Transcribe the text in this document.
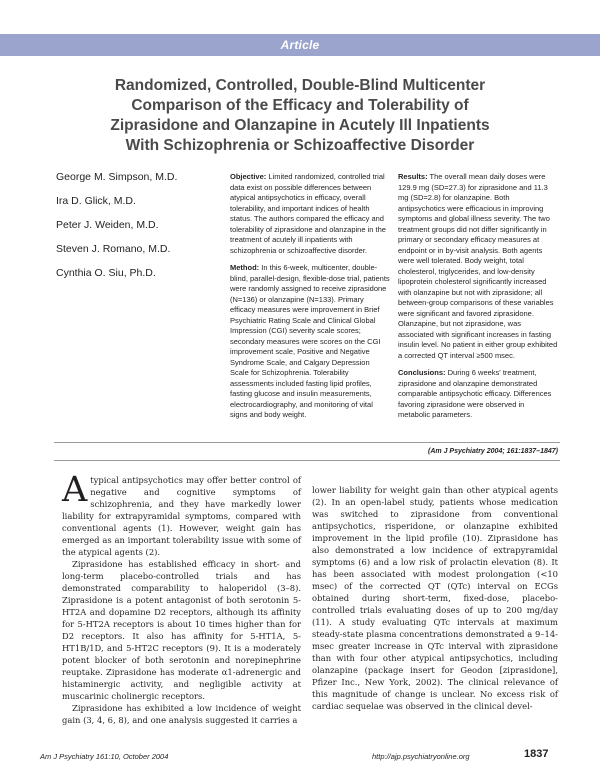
Article
Randomized, Controlled, Double-Blind Multicenter
Comparison of the Efficacy and Tolerability of
Ziprasidone and Olanzapine in Acutely Ill Inpatients
With Schizophrenia or Schizoaffective Disorder
George M. Simpson, M.D.
Ira D. Glick, M.D.
Peter J. Weiden, M.D.
Steven J. Romano, M.D.
Cynthia O. Siu, Ph.D.

Objective: Limited randomized, controlled trial data exist on possible differences between atypical antipsychotics in efficacy, overall tolerability, and important indices of health status. The authors compared the efficacy and tolerability of ziprasidone and olanzapine in the treatment of acutely ill inpatients with schizophrenia or schizoaffective disorder.

Method: In this 6-week, multicenter, double-blind, parallel-design, flexible-dose trial, patients were randomly assigned to receive ziprasidone (N=136) or olanzapine (N=133). Primary efficacy measures were improvement in Brief Psychiatric Rating Scale and Clinical Global Impression (CGI) severity scale scores; secondary measures were scores on the CGI improvement scale, Positive and Negative Syndrome Scale, and Calgary Depression Scale for Schizophrenia. Tolerability assessments included fasting lipid profiles, fasting glucose and insulin measurements, electrocardiography, and monitoring of vital signs and body weight.

Results: The overall mean daily doses were 129.9 mg (SD=27.3) for ziprasidone and 11.3 mg (SD=2.8) for olanzapine. Both antipsychotics were efficacious in improving symptoms and global illness severity. The two treatment groups did not differ significantly in primary or secondary efficacy measures at endpoint or in by-visit analysis. Both agents were well tolerated. Body weight, total cholesterol, triglycerides, and low-density lipoprotein cholesterol significantly increased with olanzapine but not with ziprasidone; all between-group comparisons of these variables were significant and favored ziprasidone. Olanzapine, but not ziprasidone, was associated with significant increases in fasting insulin level. No patient in either group exhibited a corrected QT interval ≥500 msec.

Conclusions: During 6 weeks' treatment, ziprasidone and olanzapine demonstrated comparable antipsychotic efficacy. Differences favoring ziprasidone were observed in metabolic parameters.

(Am J Psychiatry 2004; 161:1837–1847)

A typical antipsychotics may offer better control of negative and cognitive symptoms of schizophrenia, and they have markedly lower liability for extrapyramidal symptoms, compared with conventional agents (1). However, weight gain has emerged as an important tolerability issue with some of the atypical agents (2).

Ziprasidone has established efficacy in short- and long-term placebo-controlled trials and has demonstrated comparability to haloperidol (3–8). Ziprasidone is a potent antagonist of both serotonin 5-HT2A and dopamine D2 receptors, although its affinity for 5-HT2A receptors is about 10 times higher than for D2 receptors. It also has affinity for 5-HT1A, 5-HT1B/1D, and 5-HT2C receptors (9). It is a moderately potent blocker of both serotonin and norepinephrine reuptake. Ziprasidone has moderate α1-adrenergic and histaminergic activity, and negligible activity at muscarinic cholinergic receptors.

Ziprasidone has exhibited a low incidence of weight gain (3, 4, 6, 8), and one analysis suggested it carries a

lower liability for weight gain than other atypical agents (2). In an open-label study, patients whose medication was switched to ziprasidone from conventional antipsychotics, risperidone, or olanzapine exhibited improvement in the lipid profile (10). Ziprasidone has also demonstrated a low incidence of extrapyramidal symptoms (6) and a low risk of prolactin elevation (8). It has been associated with modest prolongation (<10 msec) of the corrected QT (QTc) interval on ECGs obtained during short-term, fixed-dose, placebo-controlled trials evaluating doses of up to 200 mg/day (11). A study evaluating QTc intervals at maximum steady-state plasma concentrations demonstrated a 9–14-msec greater increase in QTc interval with ziprasidone than with four other atypical antipsychotics, including olanzapine (package insert for Geodon [ziprasidone], Pfizer Inc., New York, 2002). The clinical relevance of this magnitude of change is unclear. No excess risk of cardiac sequelae was observed in the clinical devel-

Am J Psychiatry 161:10, October 2004	http://ajp.psychiatryonline.org	1837
